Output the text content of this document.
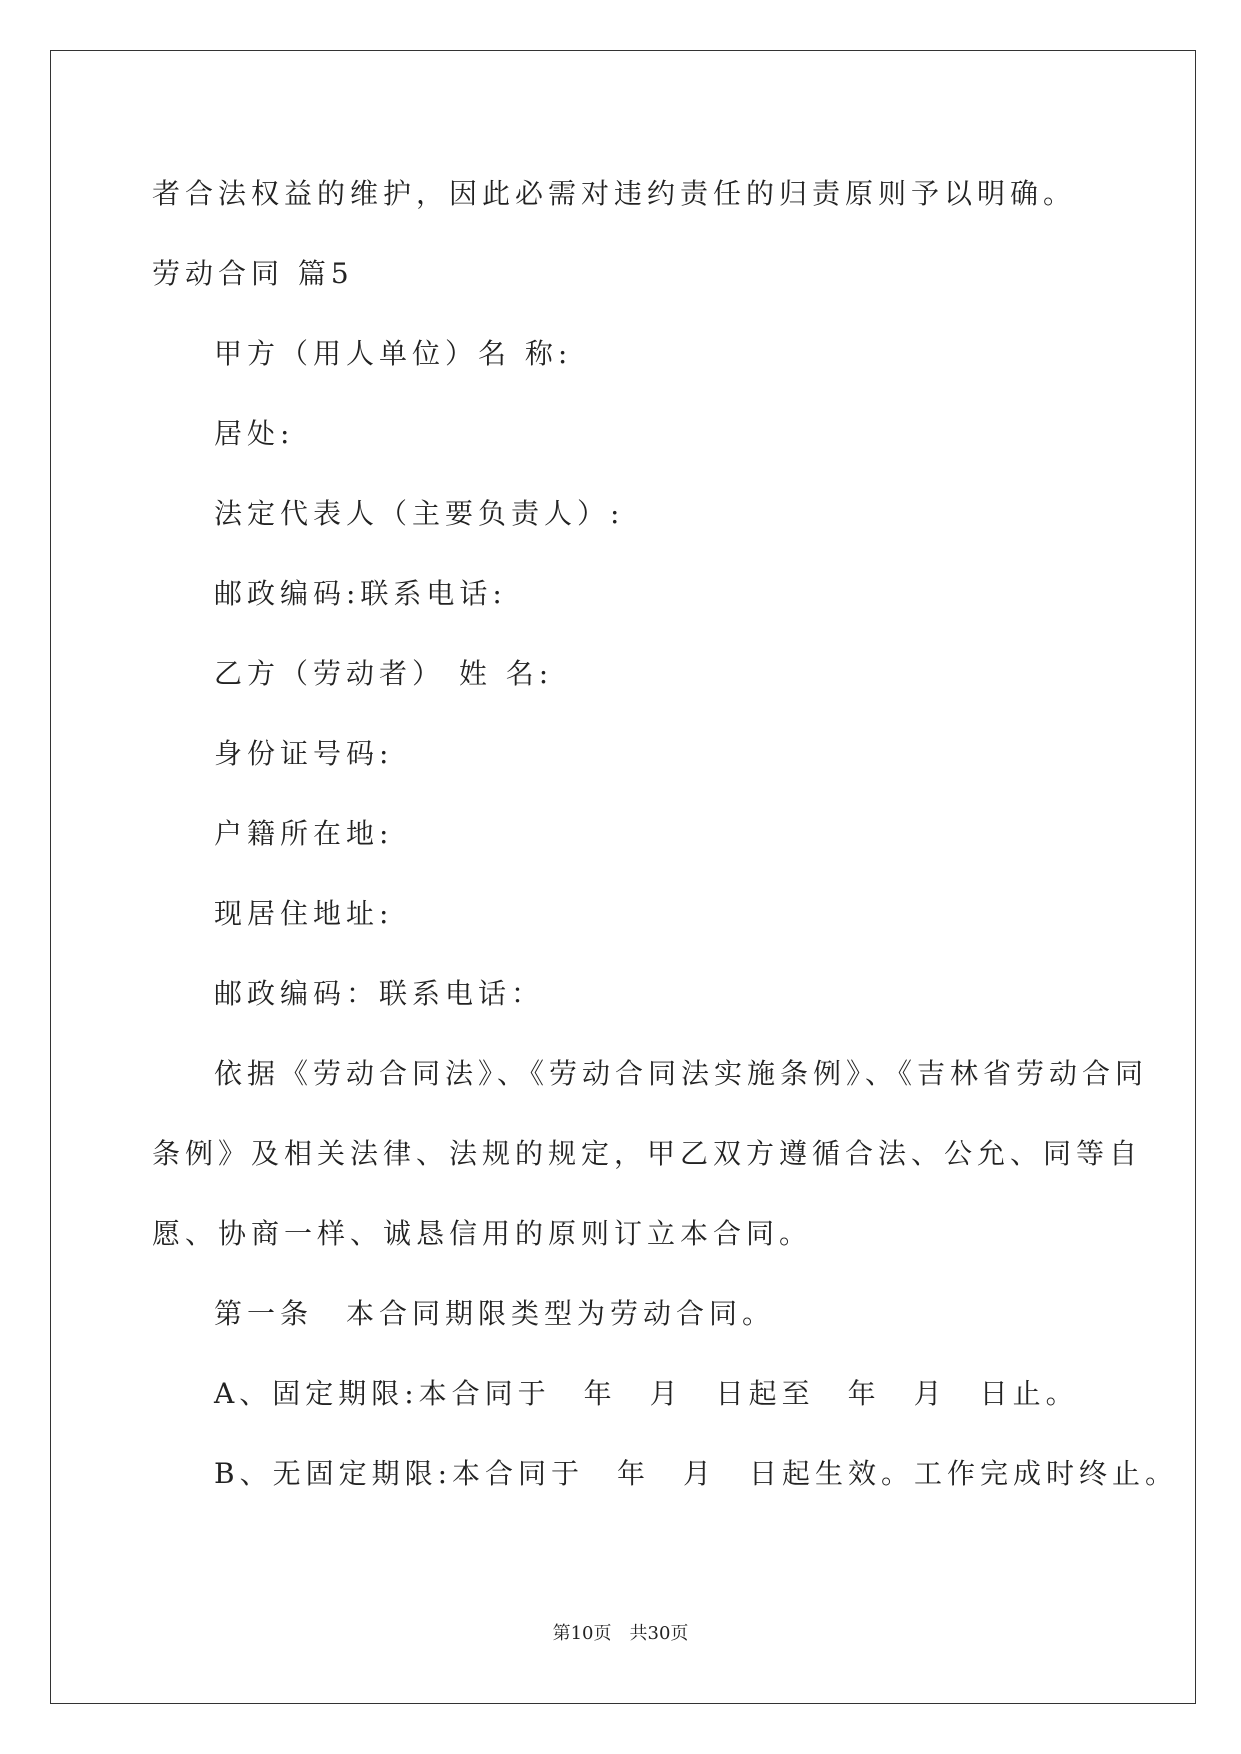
者合法权益的维护，因此必需对违约责任的归责原则予以明确。
劳动合同 篇5
甲方（用人单位）名 称:
居处:
法定代表人（主要负责人）:
邮政编码:联系电话:
乙方（劳动者） 姓 名:
身份证号码:
户籍所在地:
现居住地址:
邮政编码：联系电话：
依据《劳动合同法》、《劳动合同法实施条例》、《吉林省劳动合同
条例》及相关法律、法规的规定，甲乙双方遵循合法、公允、同等自
愿、协商一样、诚恳信用的原则订立本合同。
第一条　本合同期限类型为劳动合同。
A、固定期限:本合同于　年　月　日起至　年　月　日止。
B、无固定期限:本合同于　年　月　日起生效。工作完成时终止。
第10页　共30页
